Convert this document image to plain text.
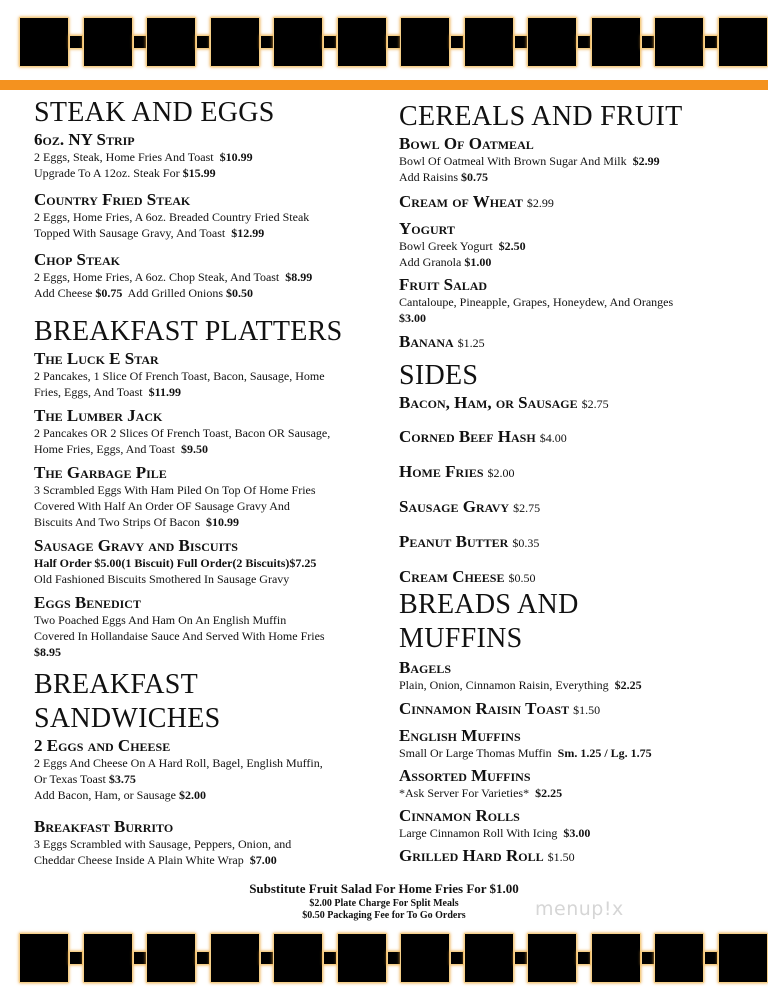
STEAK AND EGGS

6oz. NY Strip

2 Eggs, Steak, Home Fries And Toast $10.99

Upgrade To A 12oz. Steak For $15.99

Country Fried Steak

2 Eggs, Home Fries, A 6oz. Breaded Country Fried Steak

Topped With Sausage Gravy, And Toast $12.99

Chop Steak

2 Eggs, Home Fries, A 6oz. Chop Steak, And Toast $8.99

Add Cheese $0.75 Add Grilled Onions $0.50

BREAKFAST PLATTERS

The Luck E Star

2 Pancakes, 1 Slice Of French Toast, Bacon, Sausage, Home

Fries, Eggs, And Toast $11.99

The Lumber Jack

2 Pancakes OR 2 Slices Of French Toast, Bacon OR Sausage,

Home Fries, Eggs, And Toast $9.50

The Garbage Pile

3 Scrambled Eggs With Ham Piled On Top Of Home Fries

Covered With Half An Order OF Sausage Gravy And

Biscuits And Two Strips Of Bacon $10.99

Sausage Gravy and Biscuits

Half Order $5.00(1 Biscuit) Full Order(2 Biscuits)$7.25

Old Fashioned Biscuits Smothered In Sausage Gravy

Eggs Benedict

Two Poached Eggs And Ham On An English Muffin

Covered In Hollandaise Sauce And Served With Home Fries

$8.95

BREAKFAST
SANDWICHES

2 Eggs and Cheese

2 Eggs And Cheese On A Hard Roll, Bagel, English Muffin,

Or Texas Toast $3.75

Add Bacon, Ham, or Sausage $2.00

Breakfast Burrito

3 Eggs Scrambled with Sausage, Peppers, Onion, and

Cheddar Cheese Inside A Plain White Wrap $7.00

CEREALS AND FRUIT

Bowl Of Oatmeal

Bowl Of Oatmeal With Brown Sugar And Milk $2.99

Add Raisins $0.75

Cream of Wheat $2.99

Yogurt

Bowl Greek Yogurt $2.50

Add Granola $1.00

Fruit Salad

Cantaloupe, Pineapple, Grapes, Honeydew, And Oranges

$3.00

Banana $1.25

SIDES

Bacon, Ham, or Sausage $2.75

Corned Beef Hash $4.00

Home Fries $2.00

Sausage Gravy $2.75

Peanut Butter $0.35

Cream Cheese $0.50

BREADS AND
MUFFINS

Bagels

Plain, Onion, Cinnamon Raisin, Everything $2.25

Cinnamon Raisin Toast $1.50

English Muffins

Small Or Large Thomas Muffin Sm. 1.25 / Lg. 1.75

Assorted Muffins

*Ask Server For Varieties* $2.25

Cinnamon Rolls

Large Cinnamon Roll With Icing $3.00

Grilled Hard Roll $1.50

Substitute Fruit Salad For Home Fries For $1.00
$2.00 Plate Charge For Split Meals
$0.50 Packaging Fee for To Go Orders	menup!x
